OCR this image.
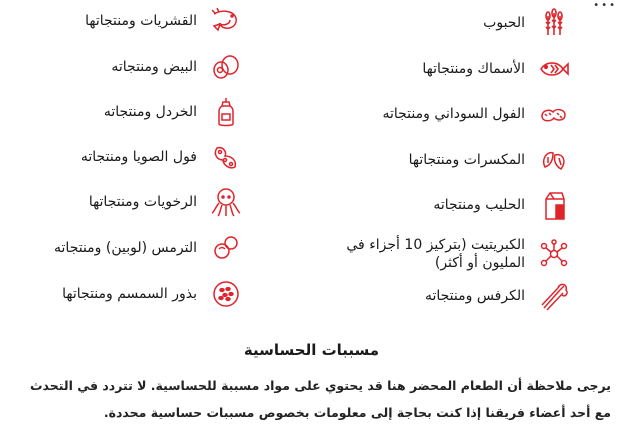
•••
الحبوب
الأسماك ومنتجاتها
الفول السوداني ومنتجاته
المكسرات ومنتجاتها
الحليب ومنتجاته
الكبريتيت (بتركيز 10 أجزاء في المليون أو أكثر)
الكرفس ومنتجاته
القشريات ومنتجاتها
البيض ومنتجاته
الخردل ومنتجاته
فول الصويا ومنتجاته
الرخويات ومنتجاتها
الترمس (لوبين) ومنتجاته
بذور السمسم ومنتجاتها
مسببات الحساسية
يرجى ملاحظة أن الطعام المحضر هنا قد يحتوي على مواد مسببة للحساسية. لا تتردد في التحدث مع أحد أعضاء فريقنا إذا كنت بحاجة إلى معلومات بخصوص مسببات حساسية محددة.
